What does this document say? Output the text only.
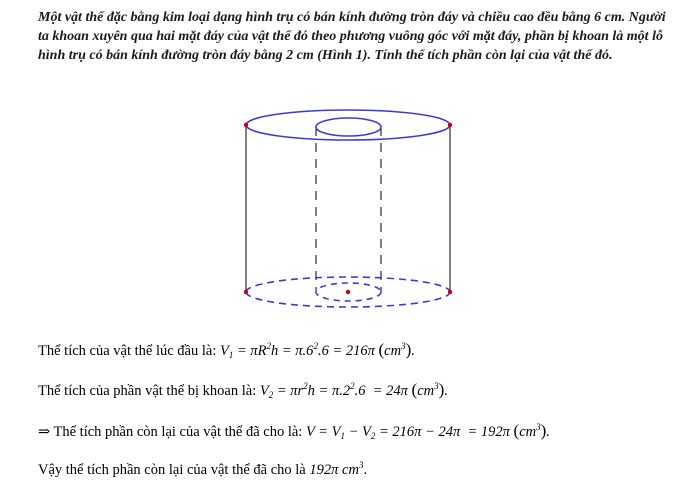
Một vật thể đặc bằng kim loại dạng hình trụ có bán kính đường tròn đáy và chiều cao đều bằng 6 cm. Người ta khoan xuyên qua hai mặt đáy của vật thể đó theo phương vuông góc với mặt đáy, phần bị khoan là một lỗ hình trụ có bán kính đường tròn đáy bằng 2 cm (Hình 1). Tính thể tích phần còn lại của vật thể đó.

Thể tích của vật thể lúc đầu là: $V_1 = \pi R^2h = \pi.6^2.6 = 216\pi$ $(cm^3)$.
Thể tích của phần vật thể bị khoan là: $V_2 = \pi r^2h = \pi.2^2.6 = 24\pi$ $(cm^3)$.
⇒ Thể tích phần còn lại của vật thể đã cho là: $V = V_1 - V_2 = 216\pi - 24\pi = 192\pi$ $(cm^3)$.
Vậy thể tích phần còn lại của vật thể đã cho là 192π $cm^3$.
